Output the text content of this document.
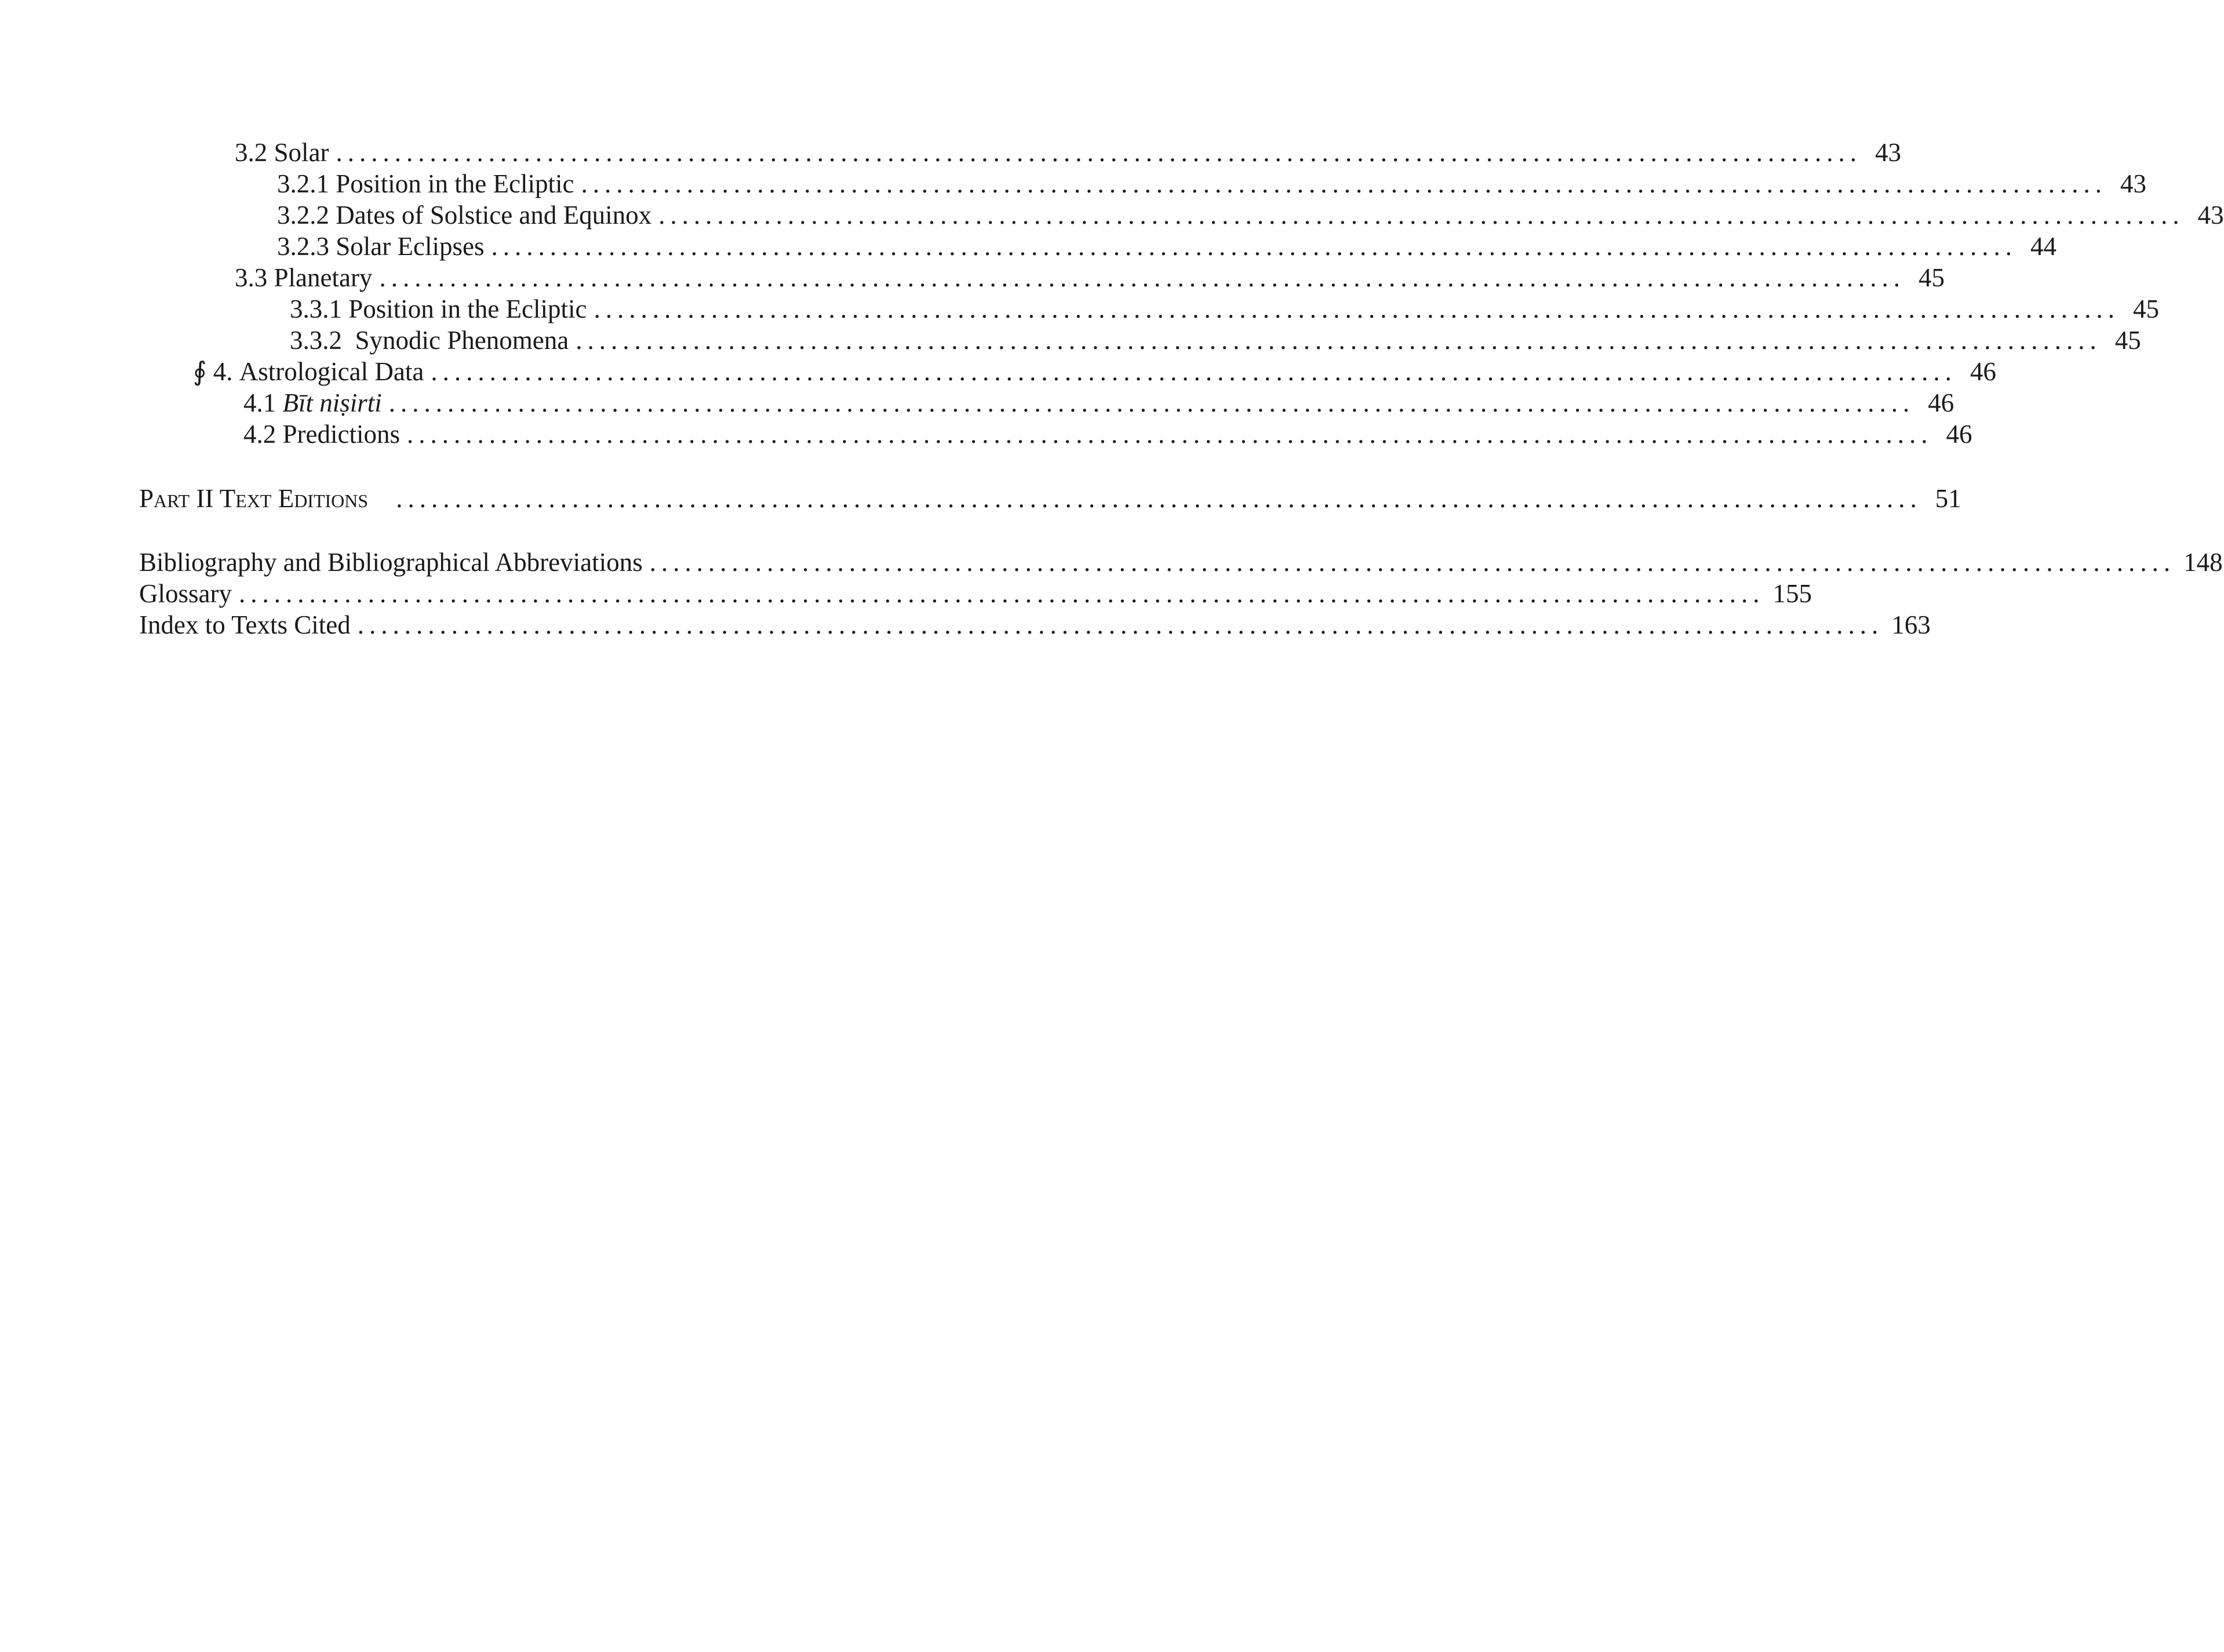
3.2 Solar .................................................................................................................................. 43
3.2.1 Position in the Ecliptic .................................................................................................................................. 43
3.2.2 Dates of Solstice and Equinox .................................................................................................................................. 43
3.2.3 Solar Eclipses .................................................................................................................................. 44
3.3 Planetary .................................................................................................................................. 45
3.3.1 Position in the Ecliptic .................................................................................................................................. 45
3.3.2 Synodic Phenomena .................................................................................................................................. 45
∮ 4. Astrological Data .................................................................................................................................. 46
4.1 Bīt niṣirti .................................................................................................................................. 46
4.2 Predictions .................................................................................................................................. 46
Part II Text Editions .................................................................................................................................. 51
Bibliography and Bibliographical Abbreviations .................................................................................................................................. 148
Glossary .................................................................................................................................. 155
Index to Texts Cited .................................................................................................................................. 163
